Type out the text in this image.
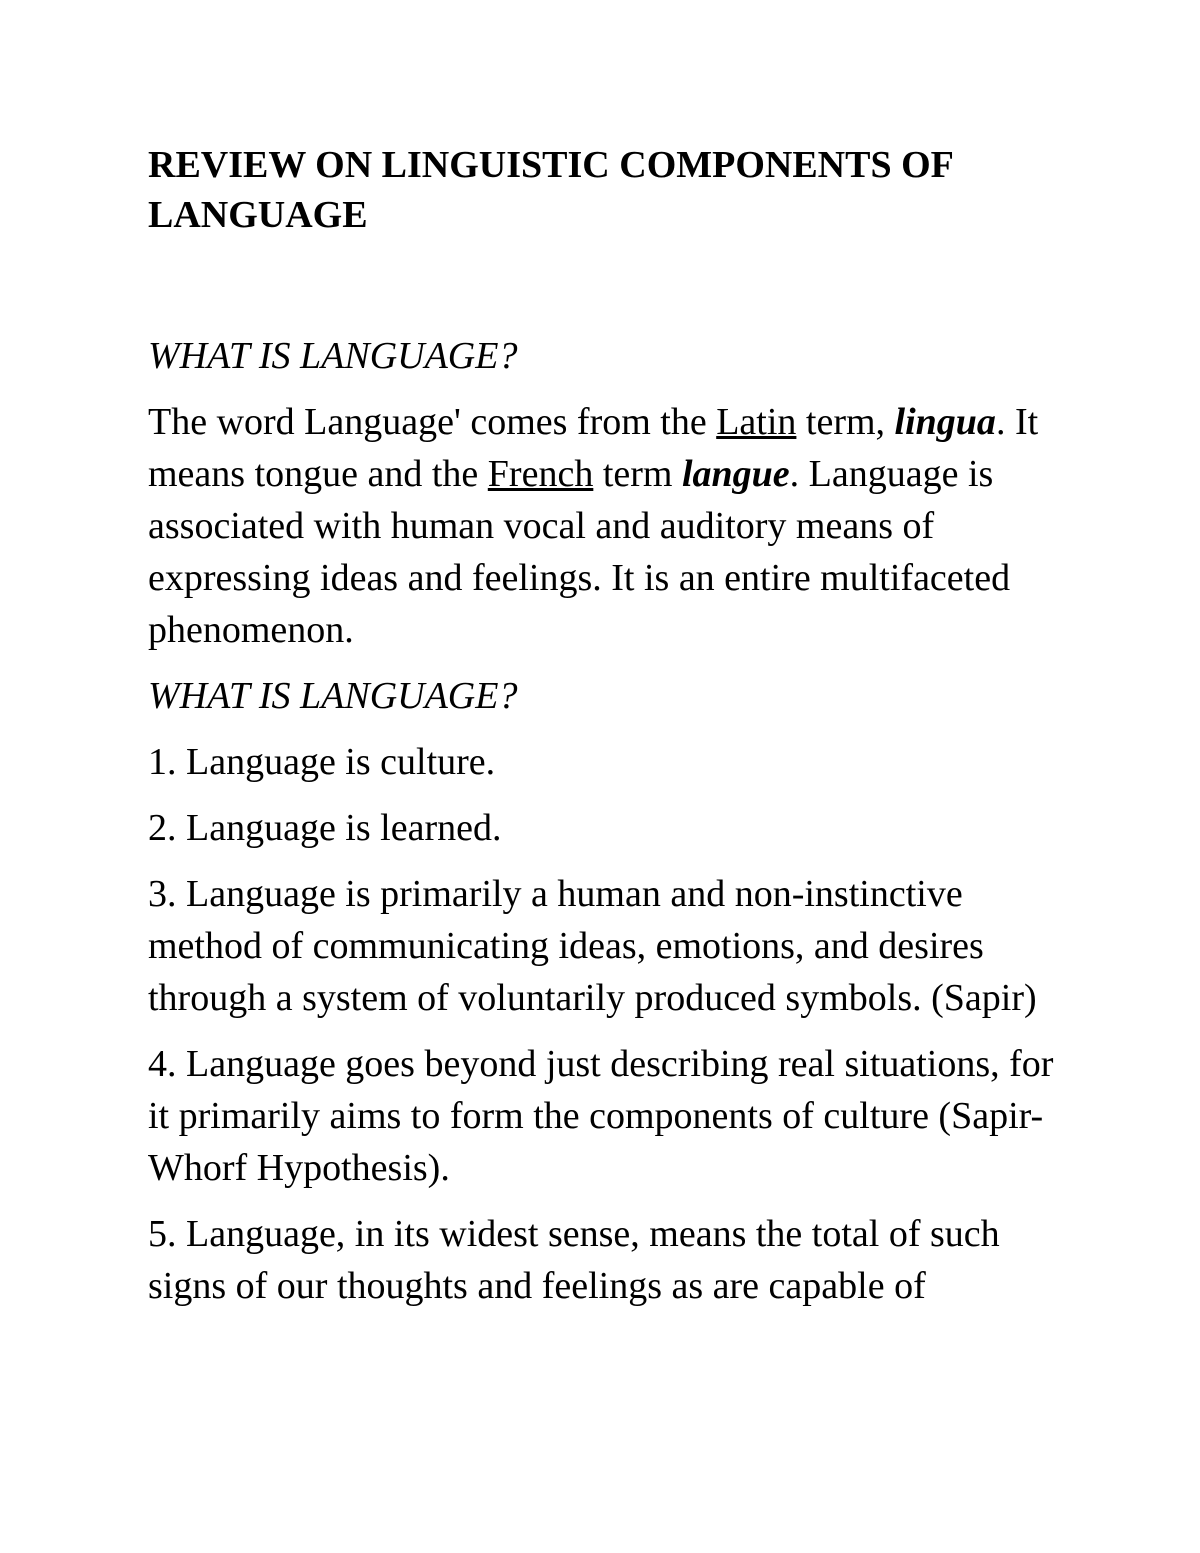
REVIEW ON LINGUISTIC COMPONENTS OF LANGUAGE

WHAT IS LANGUAGE?

The word Language' comes from the Latin term, lingua. It means tongue and the French term langue. Language is associated with human vocal and auditory means of expressing ideas and feelings. It is an entire multifaceted phenomenon.

WHAT IS LANGUAGE?

1. Language is culture.

2. Language is learned.

3. Language is primarily a human and non-instinctive method of communicating ideas, emotions, and desires through a system of voluntarily produced symbols. (Sapir)

4. Language goes beyond just describing real situations, for it primarily aims to form the components of culture (Sapir-Whorf Hypothesis).

5. Language, in its widest sense, means the total of such signs of our thoughts and feelings as are capable of
